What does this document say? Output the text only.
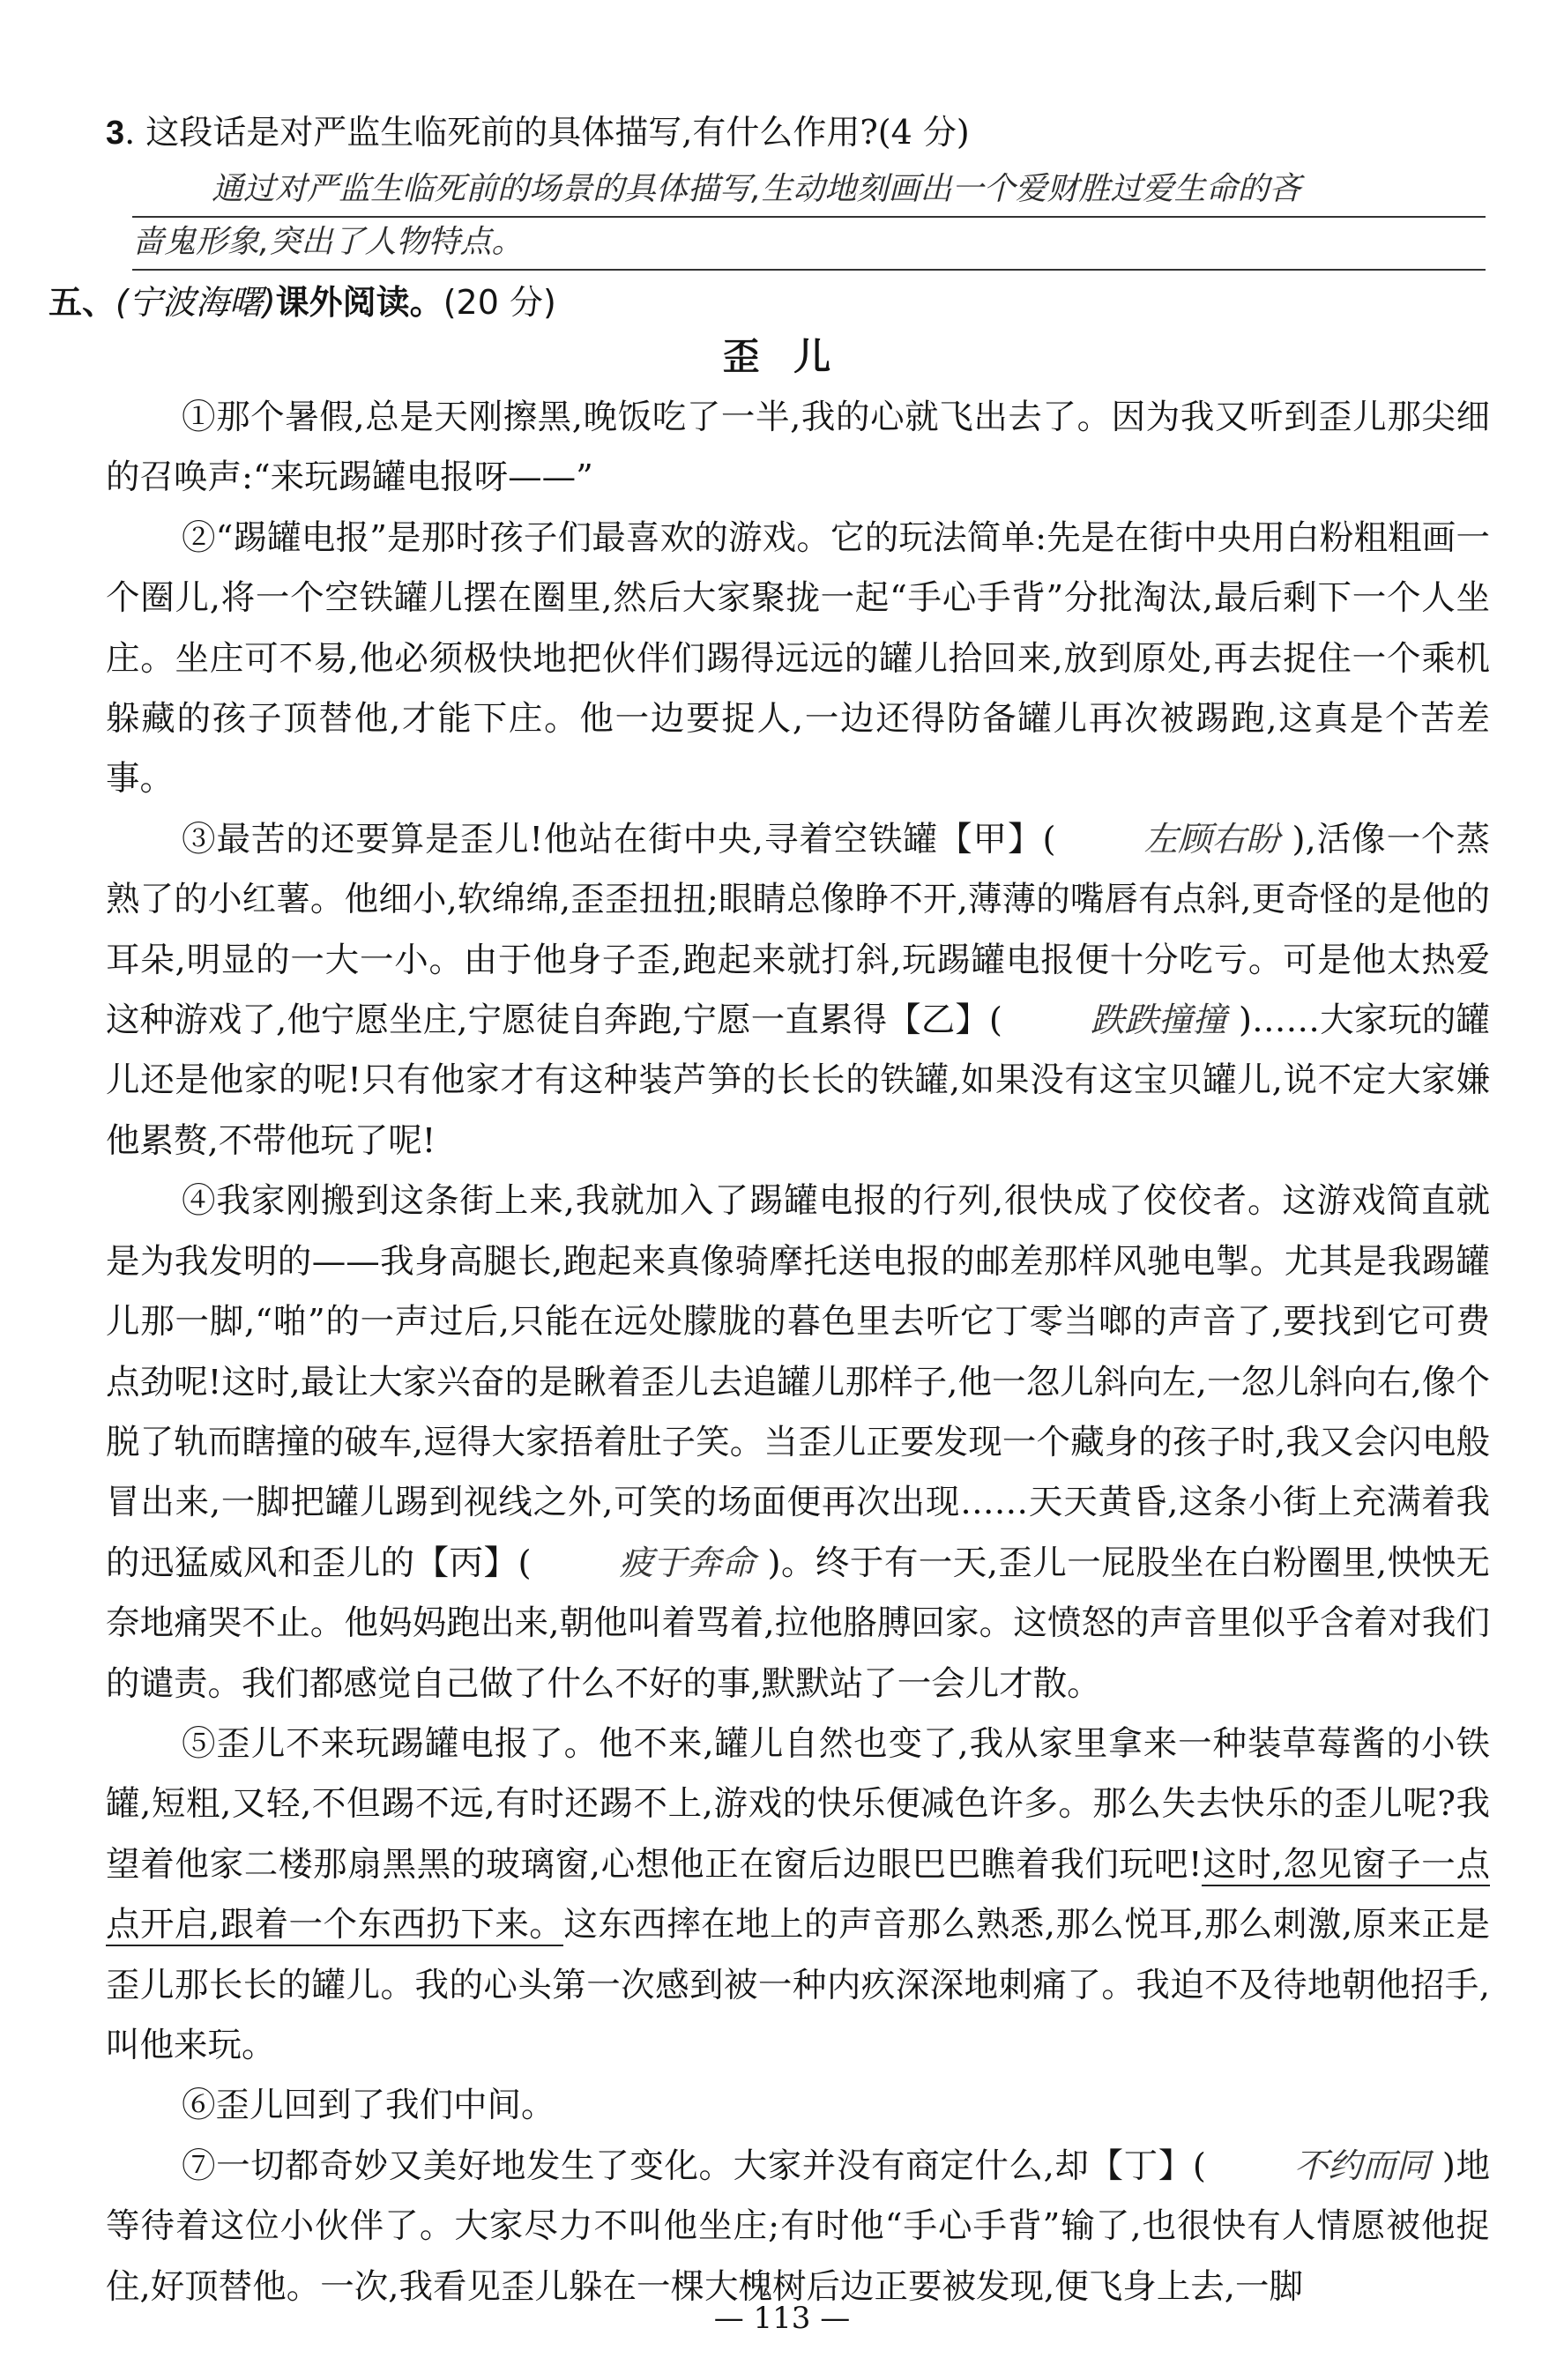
3. 这段话是对严监生临死前的具体描写,有什么作用?(4 分)
通过对严监生临死前的场景的具体描写,生动地刻画出一个爱财胜过爱生命的吝
啬鬼形象,突出了人物特点。
五、(宁波海曙)课外阅读。(20 分)
歪 儿

①那个暑假,总是天刚擦黑,晚饭吃了一半,我的心就飞出去了。因为我又听到歪儿那尖细的召唤声:“来玩踢罐电报呀——”

②“踢罐电报”是那时孩子们最喜欢的游戏。它的玩法简单:先是在街中央用白粉粗粗画一个圈儿,将一个空铁罐儿摆在圈里,然后大家聚拢一起“手心手背”分批淘汰,最后剩下一个人坐庄。坐庄可不易,他必须极快地把伙伴们踢得远远的罐儿拾回来,放到原处,再去捉住一个乘机躲藏的孩子顶替他,才能下庄。他一边要捉人,一边还得防备罐儿再次被踢跑,这真是个苦差事。

③最苦的还要算是歪儿!他站在街中央,寻着空铁罐【甲】(	左顾右盼 ),活像一个蒸熟了的小红薯。他细小,软绵绵,歪歪扭扭;眼睛总像睁不开,薄薄的嘴唇有点斜,更奇怪的是他的耳朵,明显的一大一小。由于他身子歪,跑起来就打斜,玩踢罐电报便十分吃亏。可是他太热爱这种游戏了,他宁愿坐庄,宁愿徒自奔跑,宁愿一直累得【乙】(	跌跌撞撞 )……大家玩的罐儿还是他家的呢!只有他家才有这种装芦笋的长长的铁罐,如果没有这宝贝罐儿,说不定大家嫌他累赘,不带他玩了呢!

④我家刚搬到这条街上来,我就加入了踢罐电报的行列,很快成了佼佼者。这游戏简直就是为我发明的——我身高腿长,跑起来真像骑摩托送电报的邮差那样风驰电掣。尤其是我踢罐儿那一脚,“啪”的一声过后,只能在远处朦胧的暮色里去听它丁零当啷的声音了,要找到它可费点劲呢!这时,最让大家兴奋的是瞅着歪儿去追罐儿那样子,他一忽儿斜向左,一忽儿斜向右,像个脱了轨而瞎撞的破车,逗得大家捂着肚子笑。当歪儿正要发现一个藏身的孩子时,我又会闪电般冒出来,一脚把罐儿踢到视线之外,可笑的场面便再次出现……天天黄昏,这条小街上充满着我的迅猛威风和歪儿的【丙】(	疲于奔命 )。终于有一天,歪儿一屁股坐在白粉圈里,怏怏无奈地痛哭不止。他妈妈跑出来,朝他叫着骂着,拉他胳膊回家。这愤怒的声音里似乎含着对我们的谴责。我们都感觉自己做了什么不好的事,默默站了一会儿才散。

⑤歪儿不来玩踢罐电报了。他不来,罐儿自然也变了,我从家里拿来一种装草莓酱的小铁罐,短粗,又轻,不但踢不远,有时还踢不上,游戏的快乐便减色许多。那么失去快乐的歪儿呢?我望着他家二楼那扇黑黑的玻璃窗,心想他正在窗后边眼巴巴瞧着我们玩吧!这时,忽见窗子一点点开启,跟着一个东西扔下来。这东西摔在地上的声音那么熟悉,那么悦耳,那么刺激,原来正是歪儿那长长的罐儿。我的心头第一次感到被一种内疚深深地刺痛了。我迫不及待地朝他招手,叫他来玩。

⑥歪儿回到了我们中间。

⑦一切都奇妙又美好地发生了变化。大家并没有商定什么,却【丁】(	不约而同 )地等待着这位小伙伴了。大家尽力不叫他坐庄;有时他“手心手背”输了,也很快有人情愿被他捉住,好顶替他。一次,我看见歪儿躲在一棵大槐树后边正要被发现,便飞身上去,一脚

— 113 —
